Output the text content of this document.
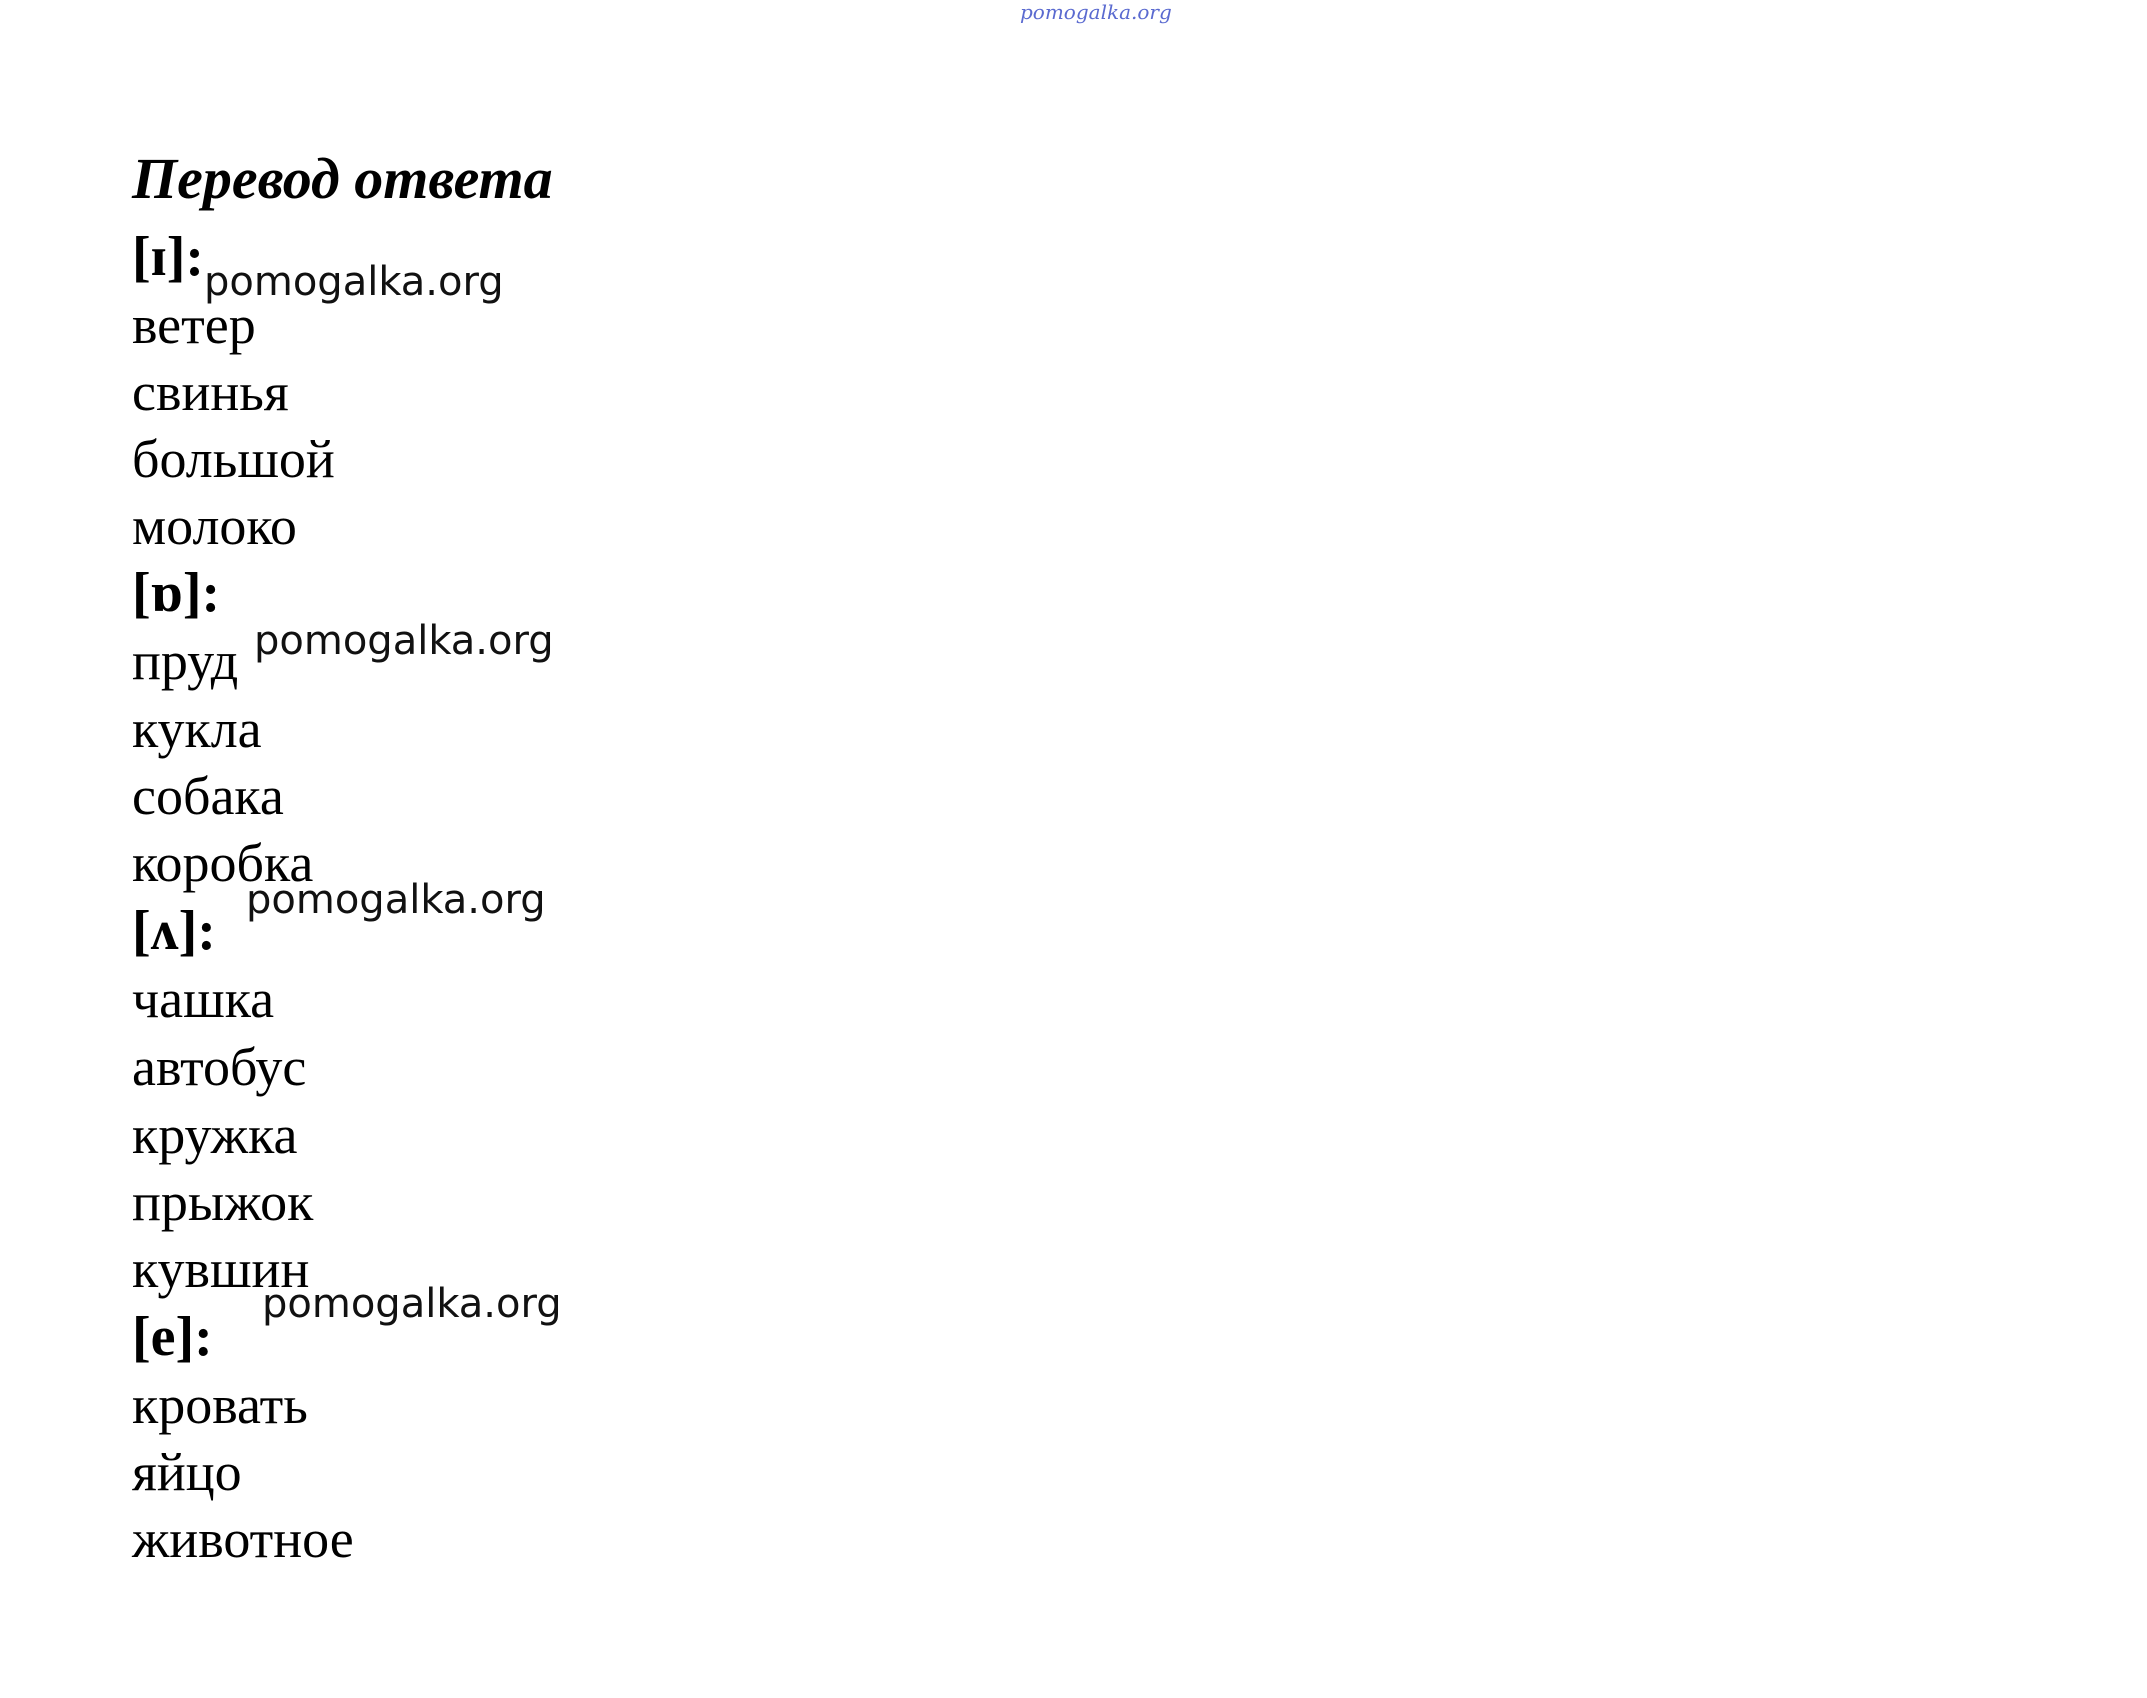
pomogalka.org
Перевод ответа
[ɪ]:
ветер
свинья
большой
молоко
[ɒ]:
пруд
кукла
собака
коробка
[ʌ]:
чашка
автобус
кружка
прыжок
кувшин
[e]:
кровать
яйцо
животное
pomogalka.org
pomogalka.org
pomogalka.org
pomogalka.org
